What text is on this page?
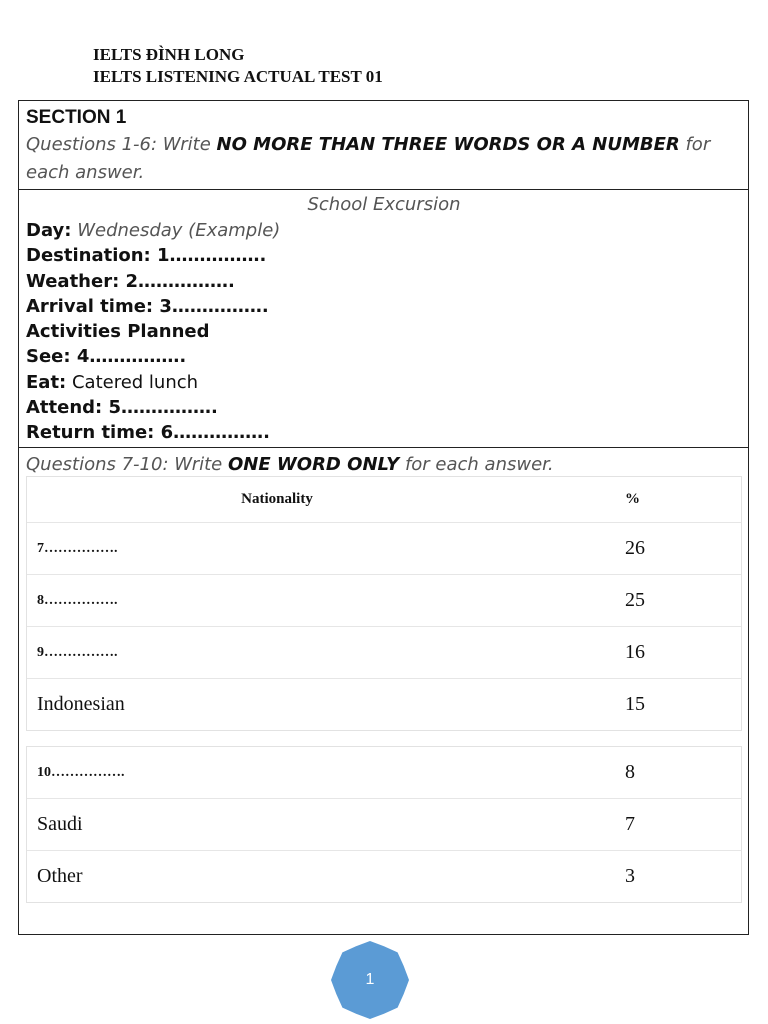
IELTS ĐÌNH LONG
IELTS LISTENING ACTUAL TEST 01
SECTION 1
Questions 1-6: Write NO MORE THAN THREE WORDS OR A NUMBER for each answer.
School Excursion
Day: Wednesday (Example)
Destination: 1…………….
Weather: 2…………….
Arrival time: 3…………….
Activities Planned
See: 4…………….
Eat: Catered lunch
Attend: 5…………….
Return time: 6…………….
Questions 7-10: Write ONE WORD ONLY for each answer.
Nationality	%
7…………….	26
8…………….	25
9…………….	16
Indonesian	15
10…………….	8
Saudi	7
Other	3
1
